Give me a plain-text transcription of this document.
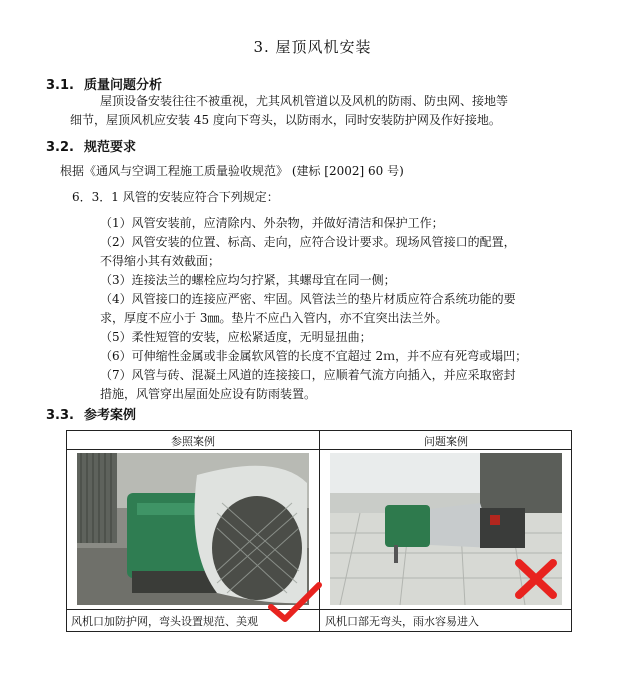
3. 屋顶风机安装
3.1. 质量问题分析
屋顶设备安装往往不被重视，尤其风机管道以及风机的防雨、防虫网、接地等
细节，屋顶风机应安装 45 度向下弯头，以防雨水，同时安装防护网及作好接地。
3.2. 规范要求
根据《通风与空调工程施工质量验收规范》 (建标 [2002] 60 号)
6．3．1 风管的安装应符合下列规定：
（1）风管安装前，应清除内、外杂物，并做好清洁和保护工作；
（2）风管安装的位置、标高、走向，应符合设计要求。现场风管接口的配置，
不得缩小其有效截面；
（3）连接法兰的螺栓应均匀拧紧，其螺母宜在同一侧；
（4）风管接口的连接应严密、牢固。风管法兰的垫片材质应符合系统功能的要
求，厚度不应小于 3㎜。垫片不应凸入管内，亦不宜突出法兰外。
（5）柔性短管的安装，应松紧适度，无明显扭曲；
（6）可伸缩性金属或非金属软风管的长度不宜超过 2ｍ，并不应有死弯或塌凹；
（7）风管与砖、混凝土风道的连接接口，应顺着气流方向插入，并应采取密封
措施，风管穿出屋面处应设有防雨装置。
3.3. 参考案例
参照案例	问题案例
风机口加防护网，弯头设置规范、美观	风机口部无弯头，雨水容易进入
